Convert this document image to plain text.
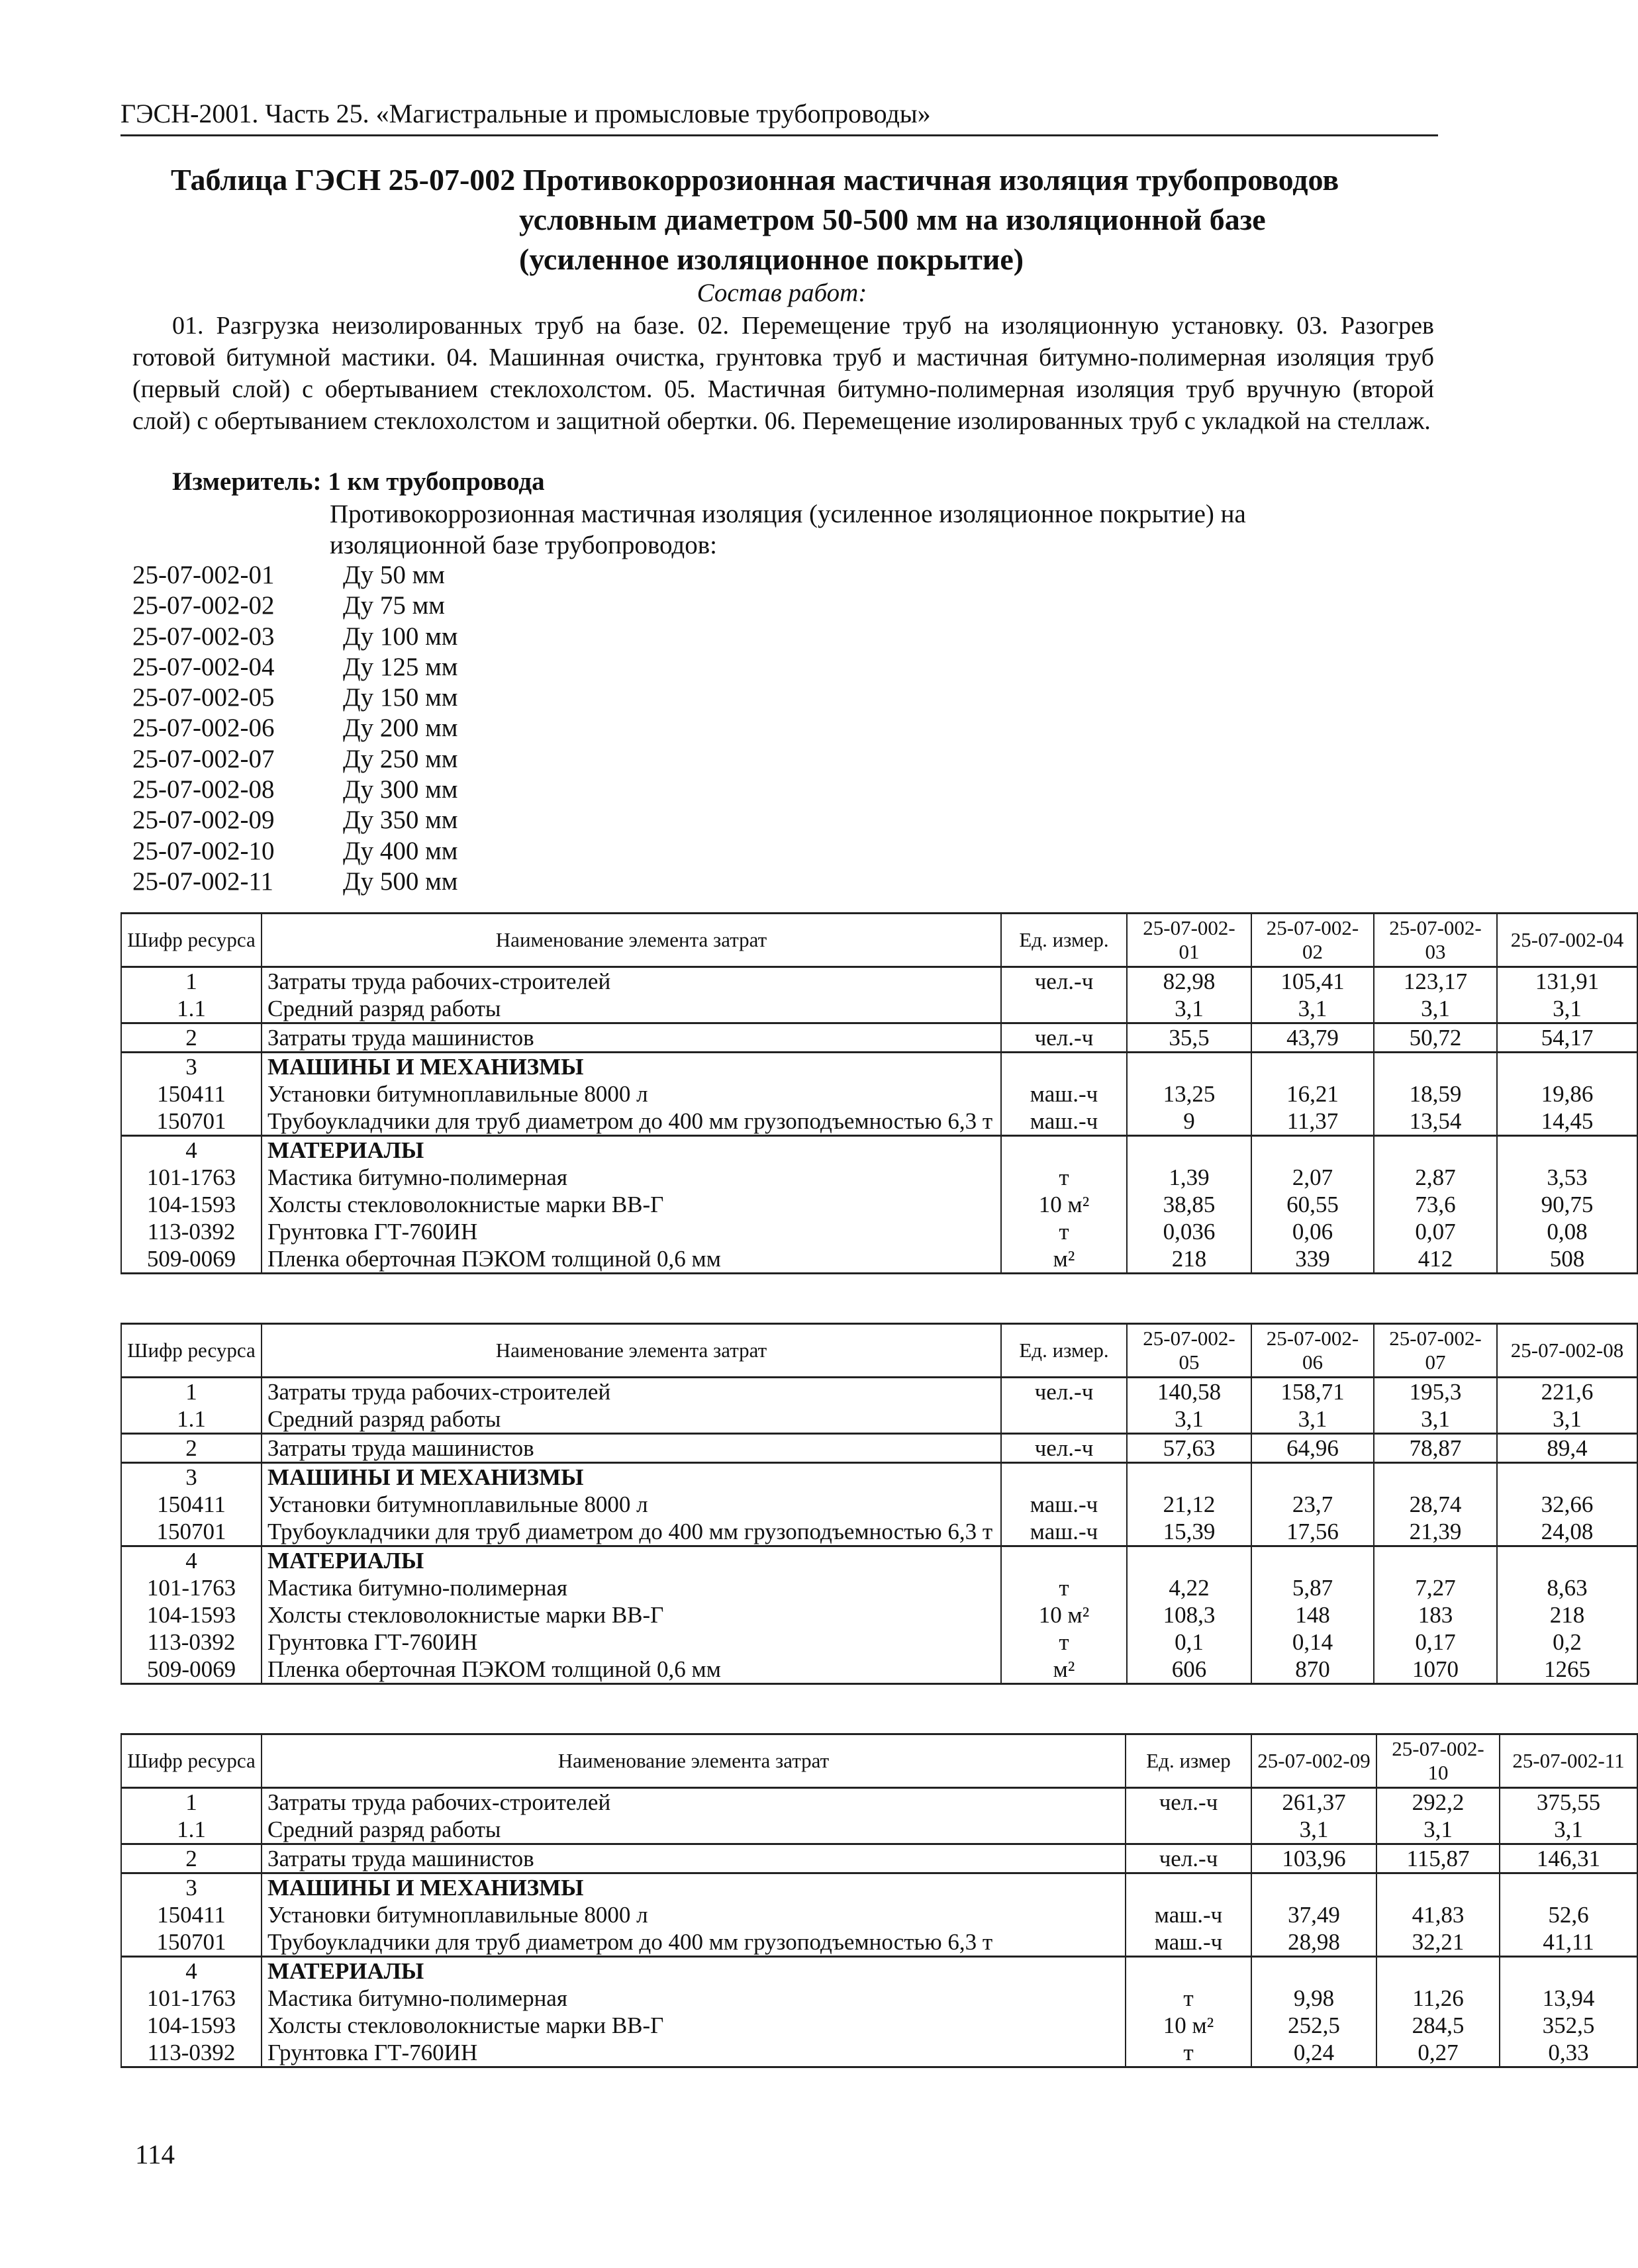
ГЭСН-2001. Часть 25. «Магистральные и промысловые трубопроводы»
Таблица ГЭСН 25-07-002 Противокоррозионная мастичная изоляция трубопроводов
условным диаметром 50-500 мм на изоляционной базе
(усиленное изоляционное покрытие)
Состав работ:
01. Разгрузка неизолированных труб на базе. 02. Перемещение труб на изоляционную установку. 03. Разогрев готовой битумной мастики. 04. Машинная очистка, грунтовка труб и мастичная битумно-полимерная изоляция труб (первый слой) с обертыванием стеклохолстом. 05. Мастичная битумно-полимерная изоляция труб вручную (второй слой) с обертыванием стеклохолстом и защитной обертки. 06. Перемещение изолированных труб с укладкой на стеллаж.
Измеритель: 1 км трубопровода
Противокоррозионная мастичная изоляция (усиленное изоляционное покрытие) на изоляционной базе трубопроводов:
25-07-002-01	Ду 50 мм
25-07-002-02	Ду 75 мм
25-07-002-03	Ду 100 мм
25-07-002-04	Ду 125 мм
25-07-002-05	Ду 150 мм
25-07-002-06	Ду 200 мм
25-07-002-07	Ду 250 мм
25-07-002-08	Ду 300 мм
25-07-002-09	Ду 350 мм
25-07-002-10	Ду 400 мм
25-07-002-11	Ду 500 мм
Шифр ресурса	Наименование элемента затрат	Ед. измер.	25-07-002-01	25-07-002-02	25-07-002-03	25-07-002-04
1	Затраты труда рабочих-строителей	чел.-ч	82,98	105,41	123,17	131,91
1.1	Средний разряд работы		3,1	3,1	3,1	3,1
2	Затраты труда машинистов	чел.-ч	35,5	43,79	50,72	54,17
3	МАШИНЫ И МЕХАНИЗМЫ					
150411	Установки битумноплавильные 8000 л	маш.-ч	13,25	16,21	18,59	19,86
150701	Трубоукладчики для труб диаметром до 400 мм грузоподъемностью 6,3 т	маш.-ч	9	11,37	13,54	14,45
4	МАТЕРИАЛЫ					
101-1763	Мастика битумно-полимерная	т	1,39	2,07	2,87	3,53
104-1593	Холсты стекловолокнистые марки ВВ-Г	10 м²	38,85	60,55	73,6	90,75
113-0392	Грунтовка ГТ-760ИН	т	0,036	0,06	0,07	0,08
509-0069	Пленка оберточная ПЭКОМ толщиной 0,6 мм	м²	218	339	412	508
Шифр ресурса	Наименование элемента затрат	Ед. измер.	25-07-002-05	25-07-002-06	25-07-002-07	25-07-002-08
1	Затраты труда рабочих-строителей	чел.-ч	140,58	158,71	195,3	221,6
1.1	Средний разряд работы		3,1	3,1	3,1	3,1
2	Затраты труда машинистов	чел.-ч	57,63	64,96	78,87	89,4
3	МАШИНЫ И МЕХАНИЗМЫ					
150411	Установки битумноплавильные 8000 л	маш.-ч	21,12	23,7	28,74	32,66
150701	Трубоукладчики для труб диаметром до 400 мм грузоподъемностью 6,3 т	маш.-ч	15,39	17,56	21,39	24,08
4	МАТЕРИАЛЫ					
101-1763	Мастика битумно-полимерная	т	4,22	5,87	7,27	8,63
104-1593	Холсты стекловолокнистые марки ВВ-Г	10 м²	108,3	148	183	218
113-0392	Грунтовка ГТ-760ИН	т	0,1	0,14	0,17	0,2
509-0069	Пленка оберточная ПЭКОМ толщиной 0,6 мм	м²	606	870	1070	1265
Шифр ресурса	Наименование элемента затрат	Ед. измер	25-07-002-09	25-07-002-10	25-07-002-11
1	Затраты труда рабочих-строителей	чел.-ч	261,37	292,2	375,55
1.1	Средний разряд работы		3,1	3,1	3,1
2	Затраты труда машинистов	чел.-ч	103,96	115,87	146,31
3	МАШИНЫ И МЕХАНИЗМЫ				
150411	Установки битумноплавильные 8000 л	маш.-ч	37,49	41,83	52,6
150701	Трубоукладчики для труб диаметром до 400 мм грузоподъемностью 6,3 т	маш.-ч	28,98	32,21	41,11
4	МАТЕРИАЛЫ				
101-1763	Мастика битумно-полимерная	т	9,98	11,26	13,94
104-1593	Холсты стекловолокнистые марки ВВ-Г	10 м²	252,5	284,5	352,5
113-0392	Грунтовка ГТ-760ИН	т	0,24	0,27	0,33
114
